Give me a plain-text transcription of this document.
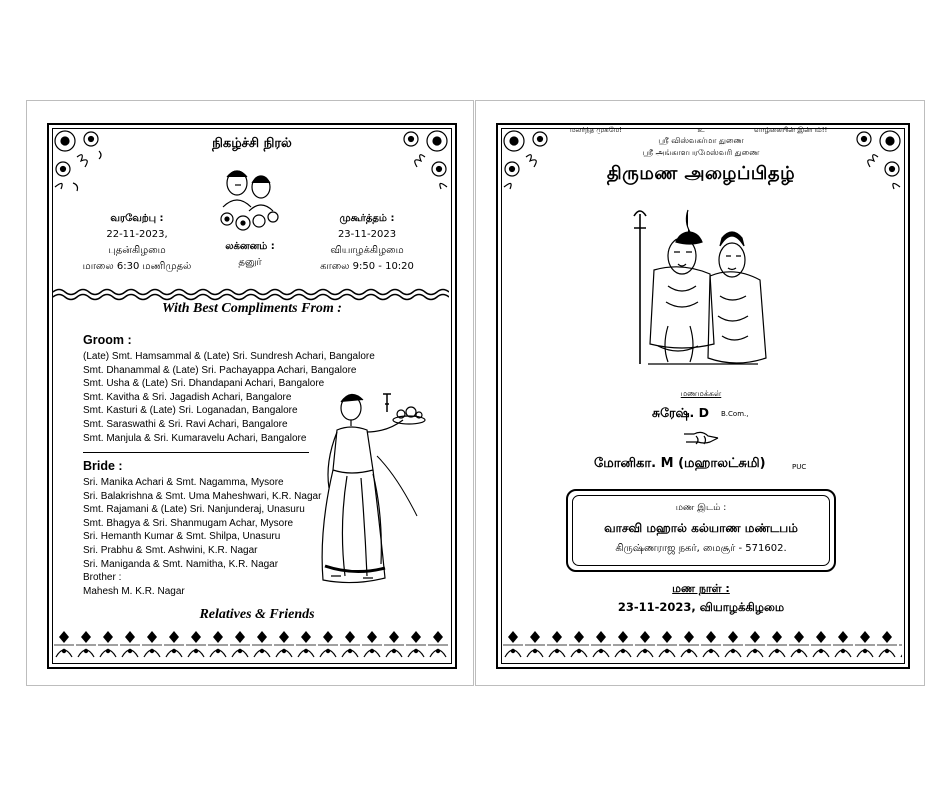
நிகழ்ச்சி நிரல்
வரவேற்பு :
22-11-2023,
புதன்கிழமை
மாலை 6:30 மணிமுதல்
லக்னனம் :
தனுர்
முகூர்த்தம் :
23-11-2023
வியாழக்கிழமை
காலை 9:50 - 10:20
With Best Compliments From :
Groom :
(Late) Smt. Hamsammal & (Late) Sri. Sundresh Achari, Bangalore
Smt. Dhanammal & (Late) Sri. Pachayappa Achari, Bangalore
Smt. Usha & (Late) Sri. Dhandapani Achari, Bangalore
Smt. Kavitha & Sri. Jagadish Achari, Bangalore
Smt. Kasturi & (Late) Sri. Loganadan, Bangalore
Smt. Saraswathi & Sri. Ravi Achari, Bangalore
Smt. Manjula & Sri. Kumaravelu Achari, Bangalore
Bride :
Sri. Manika Achari & Smt. Nagamma, Mysore
Sri. Balakrishna & Smt. Uma Maheshwari, K.R. Nagar
Smt. Rajamani & (Late) Sri. Nanjunderaj, Unasuru
Smt. Bhagya & Sri. Shanmugam Achar, Mysore
Sri. Hemanth Kumar & Smt. Shilpa, Unasuru
Sri. Prabhu & Smt. Ashwini, K.R. Nagar
Sri. Maniganda & Smt. Namitha, K.R. Nagar
Brother :
Mahesh M. K.R. Nagar
Relatives & Friends
மலர்ந்த முகமே!	உ	வாழ்கையின் இன்பம்!!
ஸ்ரீ விஸ்வகர்மா துணை
ஸ்ரீ அங்காளபரமேஸ்வரி துணை
திருமண அழைப்பிதழ்
மணமக்கள்
சுரேஷ். D B.Com.,
மோனிகா. M (மஹாலட்சுமி)	PUC
மண இடம் :
வாசவி மஹால் கல்யாண மண்டபம்
கிருஷ்ணராஜ நகர், மைசூர் - 571602.
மண நாள் :
23-11-2023, வியாழக்கிழமை
